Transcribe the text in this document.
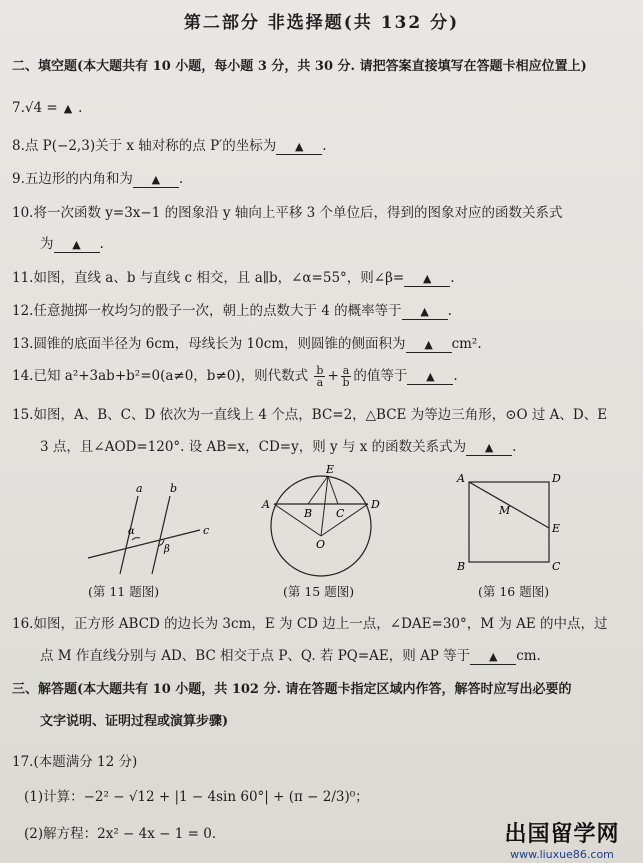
第二部分 非选择题(共 132 分)
二、填空题(本大题共有 10 小题，每小题 3 分，共 30 分. 请把答案直接填写在答题卡相应位置上)
7.√4 = ▲ .
8.点 P(−2,3)关于 x 轴对称的点 P′的坐标为 ▲ .
9.五边形的内角和为 ▲ .
10.将一次函数 y=3x−1 的图象沿 y 轴向上平移 3 个单位后，得到的图象对应的函数关系式
为 ▲ .
11.如图，直线 a、b 与直线 c 相交，且 a∥b，∠α=55°，则∠β= ▲ .
12.任意抛掷一枚均匀的骰子一次，朝上的点数大于 4 的概率等于 ▲ .
13.圆锥的底面半径为 6cm，母线长为 10cm，则圆锥的侧面积为 ▲ cm².
14.已知 a²+3ab+b²=0(a≠0，b≠0)，则代数式 $\frac{b}{a} + \frac{a}{b}$ 的值等于 ▲ .
15.如图，A、B、C、D 依次为一直线上 4 个点，BC=2，△BCE 为等边三角形，⊙O 过 A、D、E
3 点，且∠AOD=120°. 设 AB=x，CD=y，则 y 与 x 的函数关系式为 ▲ .
a b
c
α
β
(第 11 题图)
A
B C
D
E
O
(第 15 题图)
A	D
E
B	C
M
(第 16 题图)
16.如图，正方形 ABCD 的边长为 3cm，E 为 CD 边上一点，∠DAE=30°，M 为 AE 的中点，过
点 M 作直线分别与 AD、BC 相交于点 P、Q. 若 PQ=AE，则 AP 等于 ▲ cm.
三、解答题(本大题共有 10 小题，共 102 分. 请在答题卡指定区域内作答，解答时应写出必要的
文字说明、证明过程或演算步骤)
17.(本题满分 12 分)
(1)计算：−2² − √12 + |1 − 4sin 60°| + (π − 2/3)⁰；
(2)解方程：2x² − 4x − 1 = 0.	出国留学网
www.liuxue86.com
